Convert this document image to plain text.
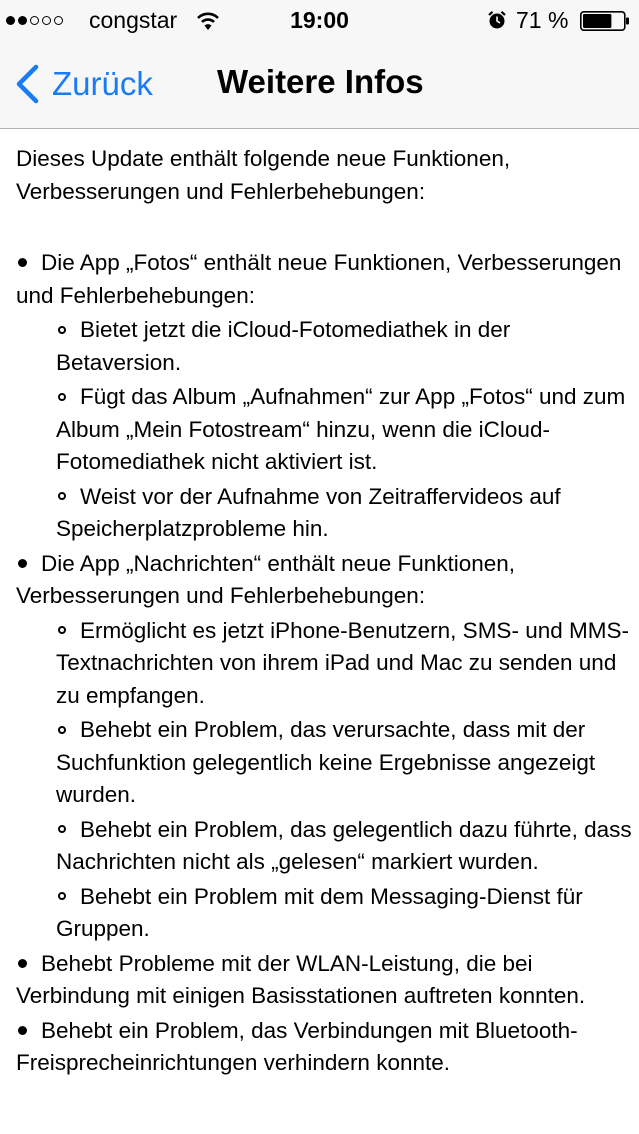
congstar	19:00	71 %
Zurück Weitere Infos

Dieses Update enthält folgende neue Funktionen, Verbesserungen und Fehlerbehebungen:

Die App „Fotos“ enthält neue Funktionen, Verbesserungen und Fehlerbehebungen:

Bietet jetzt die iCloud-Fotomediathek in der Betaversion.

Fügt das Album „Aufnahmen“ zur App „Fotos“ und zum Album „Mein Fotostream“ hinzu, wenn die iCloud-Fotomediathek nicht aktiviert ist.

Weist vor der Aufnahme von Zeitraffervideos auf Speicherplatzprobleme hin.

Die App „Nachrichten“ enthält neue Funktionen, Verbesserungen und Fehlerbehebungen:

Ermöglicht es jetzt iPhone-Benutzern, SMS- und MMS-Textnachrichten von ihrem iPad und Mac zu senden und zu empfangen.

Behebt ein Problem, das verursachte, dass mit der Suchfunktion gelegentlich keine Ergebnisse angezeigt wurden.

Behebt ein Problem, das gelegentlich dazu führte, dass Nachrichten nicht als „gelesen“ markiert wurden.

Behebt ein Problem mit dem Messaging-Dienst für Gruppen.

Behebt Probleme mit der WLAN-Leistung, die bei Verbindung mit einigen Basisstationen auftreten konnten.

Behebt ein Problem, das Verbindungen mit Bluetooth-Freisprecheinrichtungen verhindern konnte.
